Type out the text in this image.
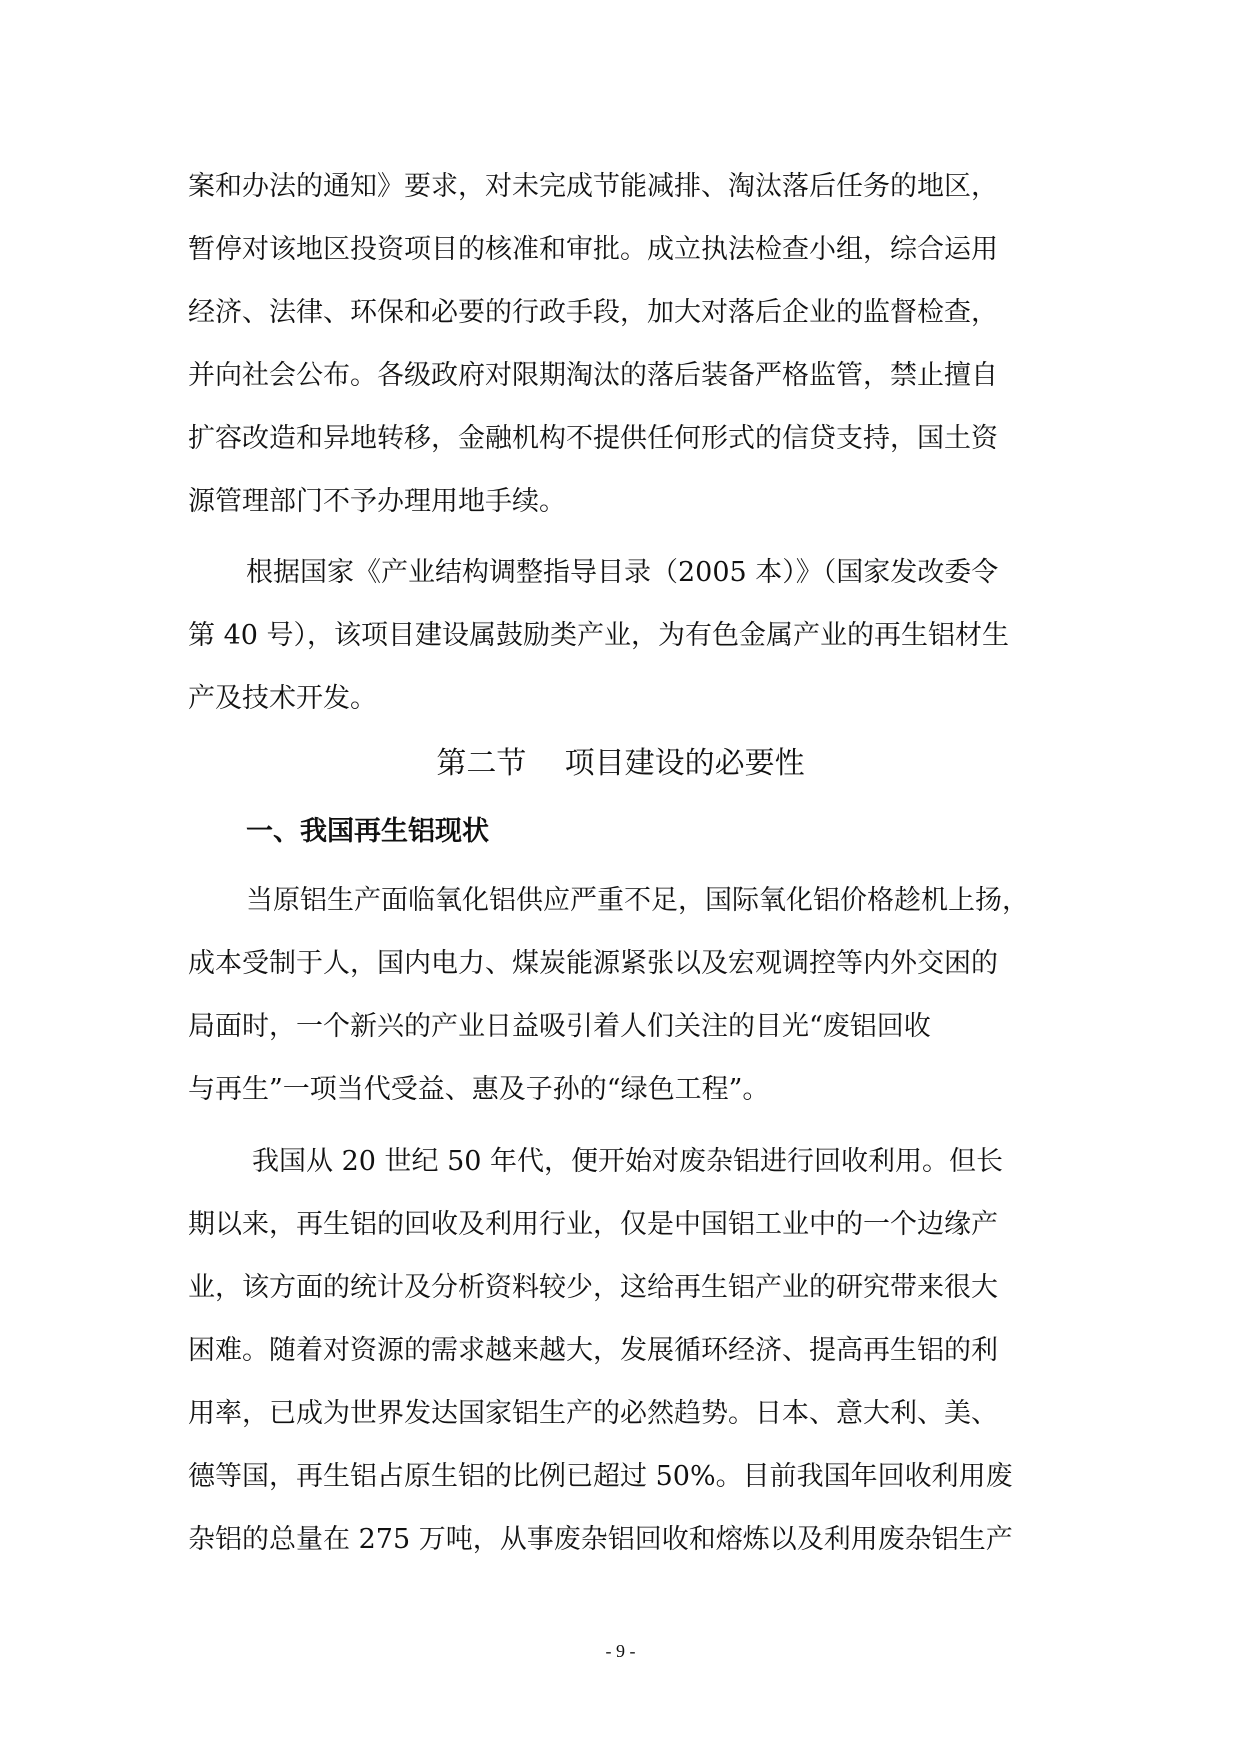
案和办法的通知》要求，对未完成节能减排、淘汰落后任务的地区，
暂停对该地区投资项目的核准和审批。成立执法检查小组，综合运用
经济、法律、环保和必要的行政手段，加大对落后企业的监督检查，
并向社会公布。各级政府对限期淘汰的落后装备严格监管，禁止擅自
扩容改造和异地转移，金融机构不提供任何形式的信贷支持，国土资
源管理部门不予办理用地手续。
根据国家《产业结构调整指导目录（2005 本）》（国家发改委令
第 40 号），该项目建设属鼓励类产业，为有色金属产业的再生铝材生
产及技术开发。
第二节    项目建设的必要性
一、我国再生铝现状
当原铝生产面临氧化铝供应严重不足，国际氧化铝价格趁机上扬，
成本受制于人，国内电力、煤炭能源紧张以及宏观调控等内外交困的
局面时，一个新兴的产业日益吸引着人们关注的目光“废铝回收
与再生”一项当代受益、惠及子孙的“绿色工程”。
我国从 20 世纪 50 年代，便开始对废杂铝进行回收利用。但长
期以来，再生铝的回收及利用行业，仅是中国铝工业中的一个边缘产
业，该方面的统计及分析资料较少，这给再生铝产业的研究带来很大
困难。随着对资源的需求越来越大，发展循环经济、提高再生铝的利
用率，已成为世界发达国家铝生产的必然趋势。日本、意大利、美、
德等国，再生铝占原生铝的比例已超过 50%。目前我国年回收利用废
杂铝的总量在 275 万吨，从事废杂铝回收和熔炼以及利用废杂铝生产
- 9 -
